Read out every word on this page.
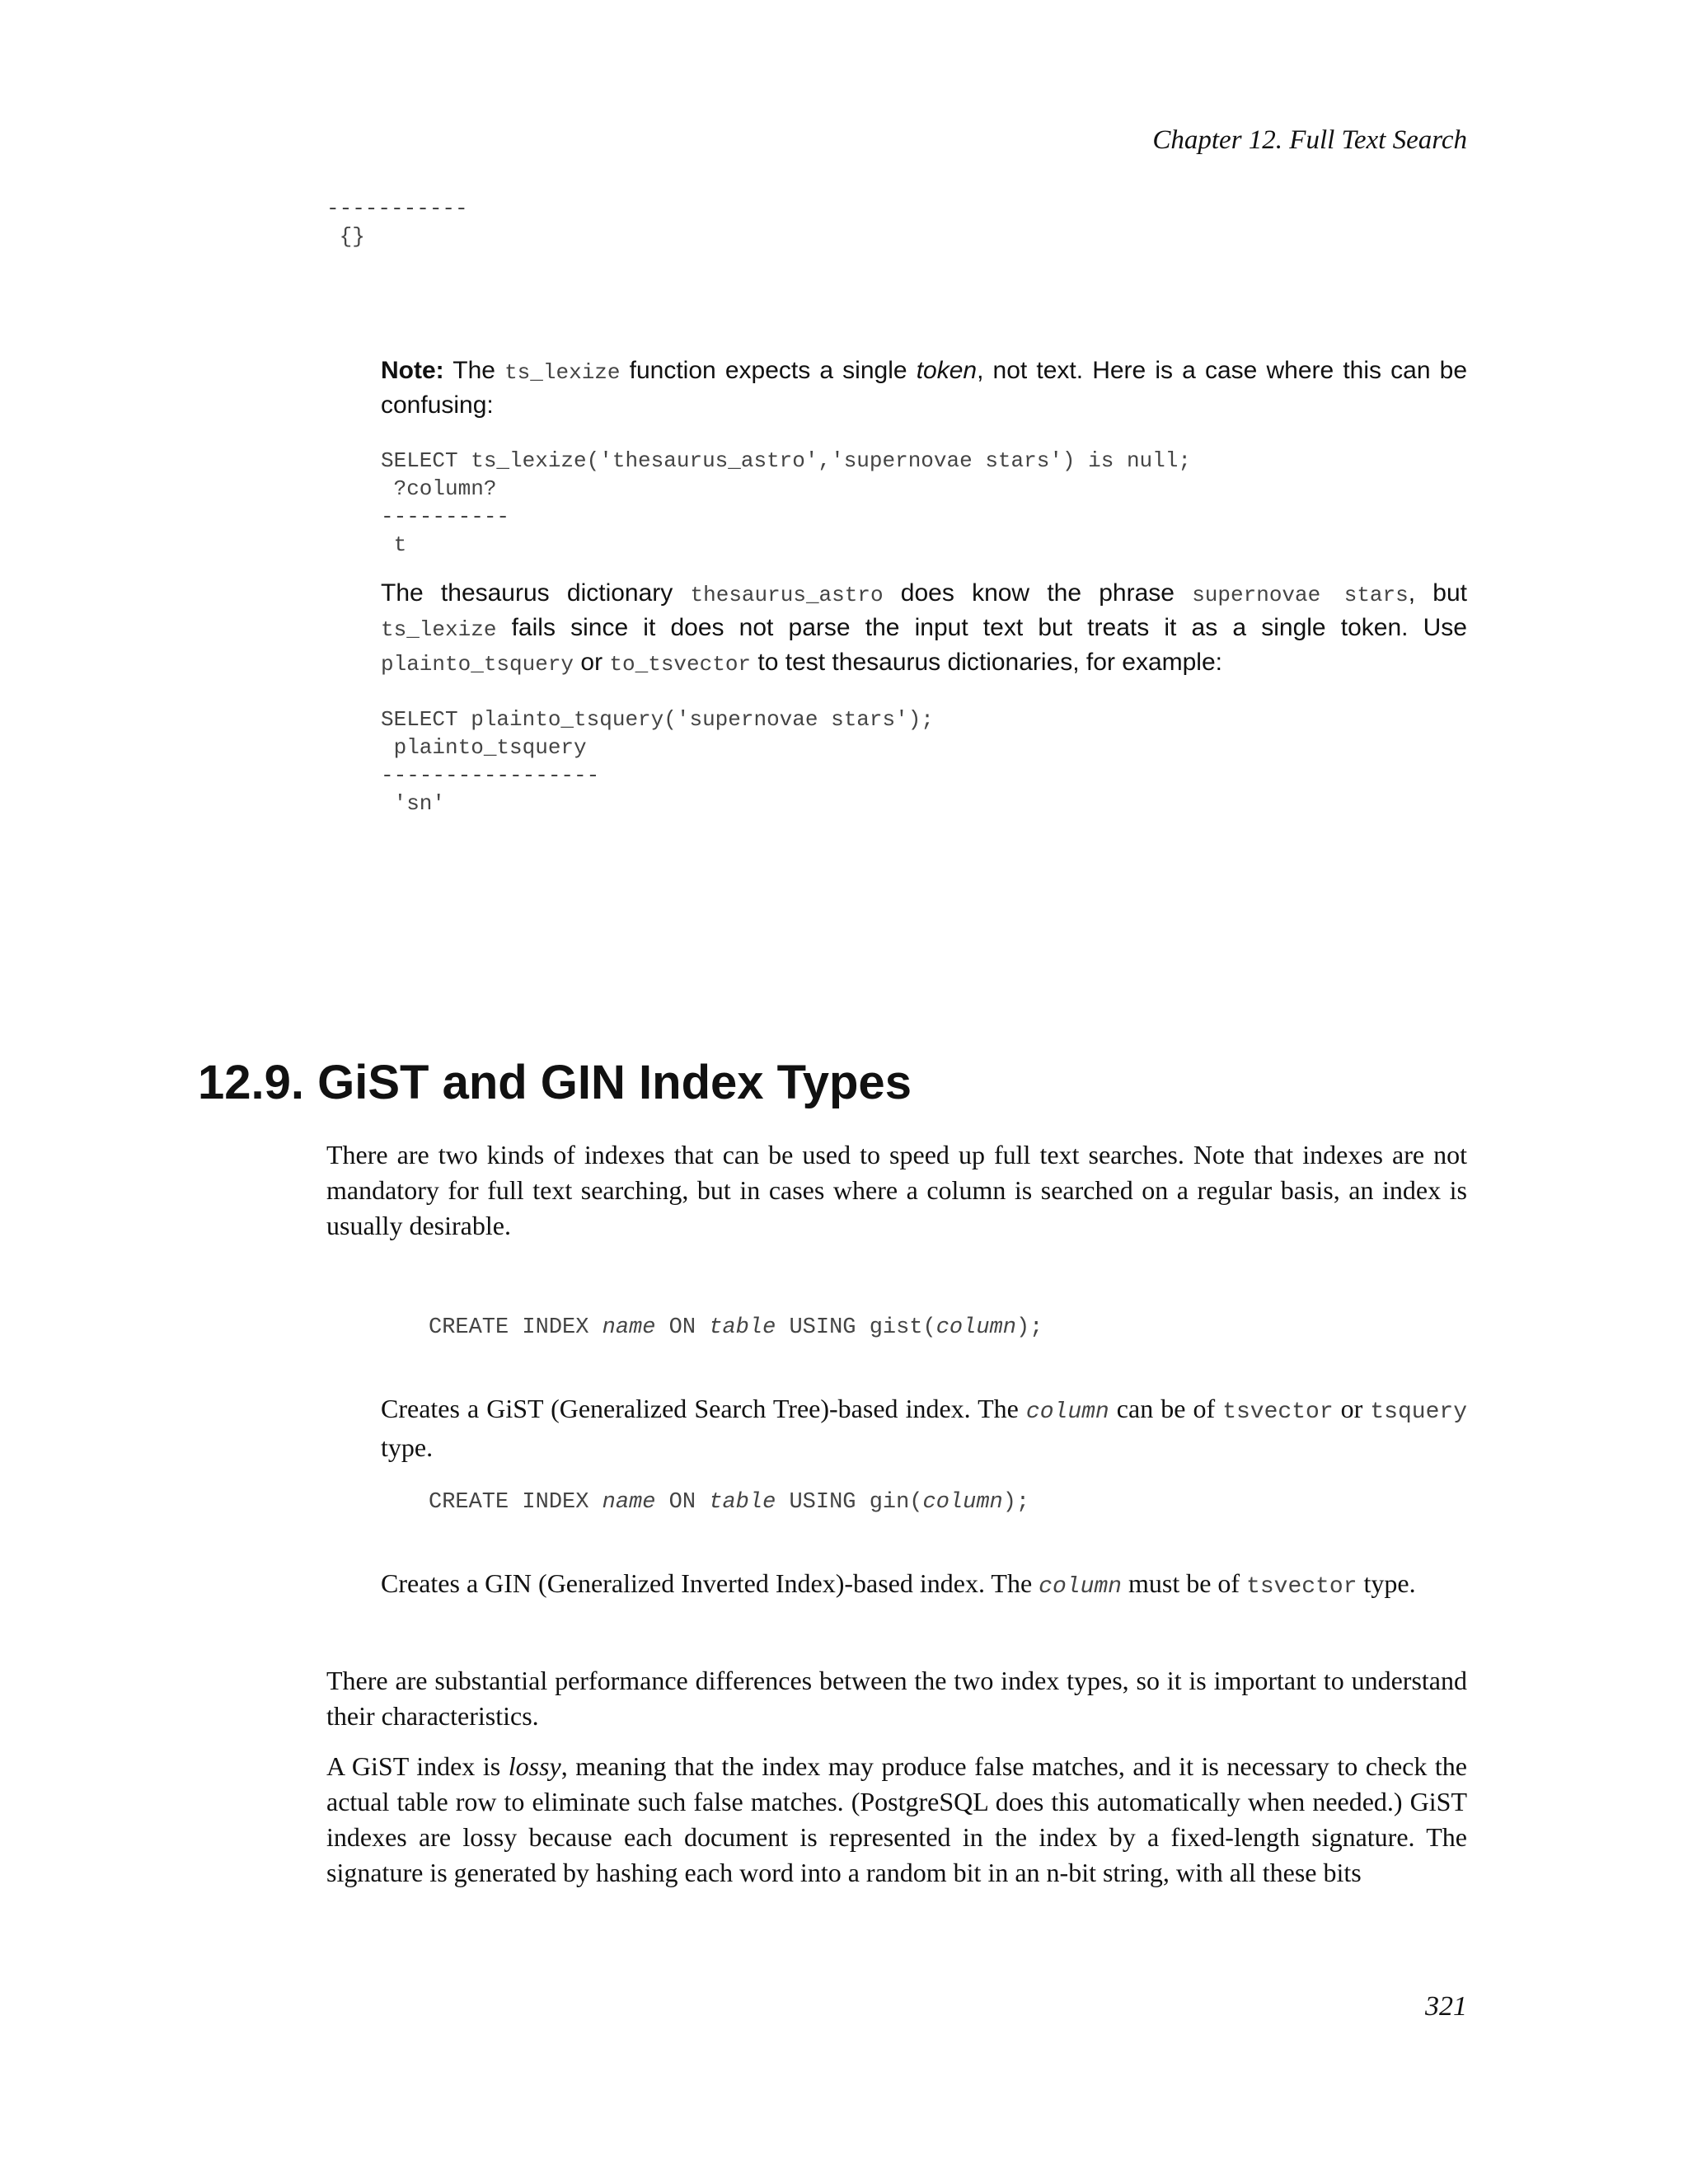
Chapter 12. Full Text Search
-----------
{}

Note: The ts_lexize function expects a single token, not text. Here is a case where this can be confusing:

SELECT ts_lexize('thesaurus_astro','supernovae stars') is null;
?column?
----------
t

The thesaurus dictionary thesaurus_astro does know the phrase supernovae stars, but ts_lexize fails since it does not parse the input text but treats it as a single token. Use plainto_tsquery or to_tsvector to test thesaurus dictionaries, for example:

SELECT plainto_tsquery('supernovae stars');
plainto_tsquery
-----------------
'sn'
12.9. GiST and GIN Index Types

There are two kinds of indexes that can be used to speed up full text searches. Note that indexes are not mandatory for full text searching, but in cases where a column is searched on a regular basis, an index is usually desirable.

CREATE INDEX name ON table USING gist(column);

Creates a GiST (Generalized Search Tree)-based index. The column can be of tsvector or tsquery type.

CREATE INDEX name ON table USING gin(column);

Creates a GIN (Generalized Inverted Index)-based index. The column must be of tsvector type.

There are substantial performance differences between the two index types, so it is important to understand their characteristics.

A GiST index is lossy, meaning that the index may produce false matches, and it is necessary to check the actual table row to eliminate such false matches. (PostgreSQL does this automatically when needed.) GiST indexes are lossy because each document is represented in the index by a fixed-length signature. The signature is generated by hashing each word into a random bit in an n-bit string, with all these bits

321
